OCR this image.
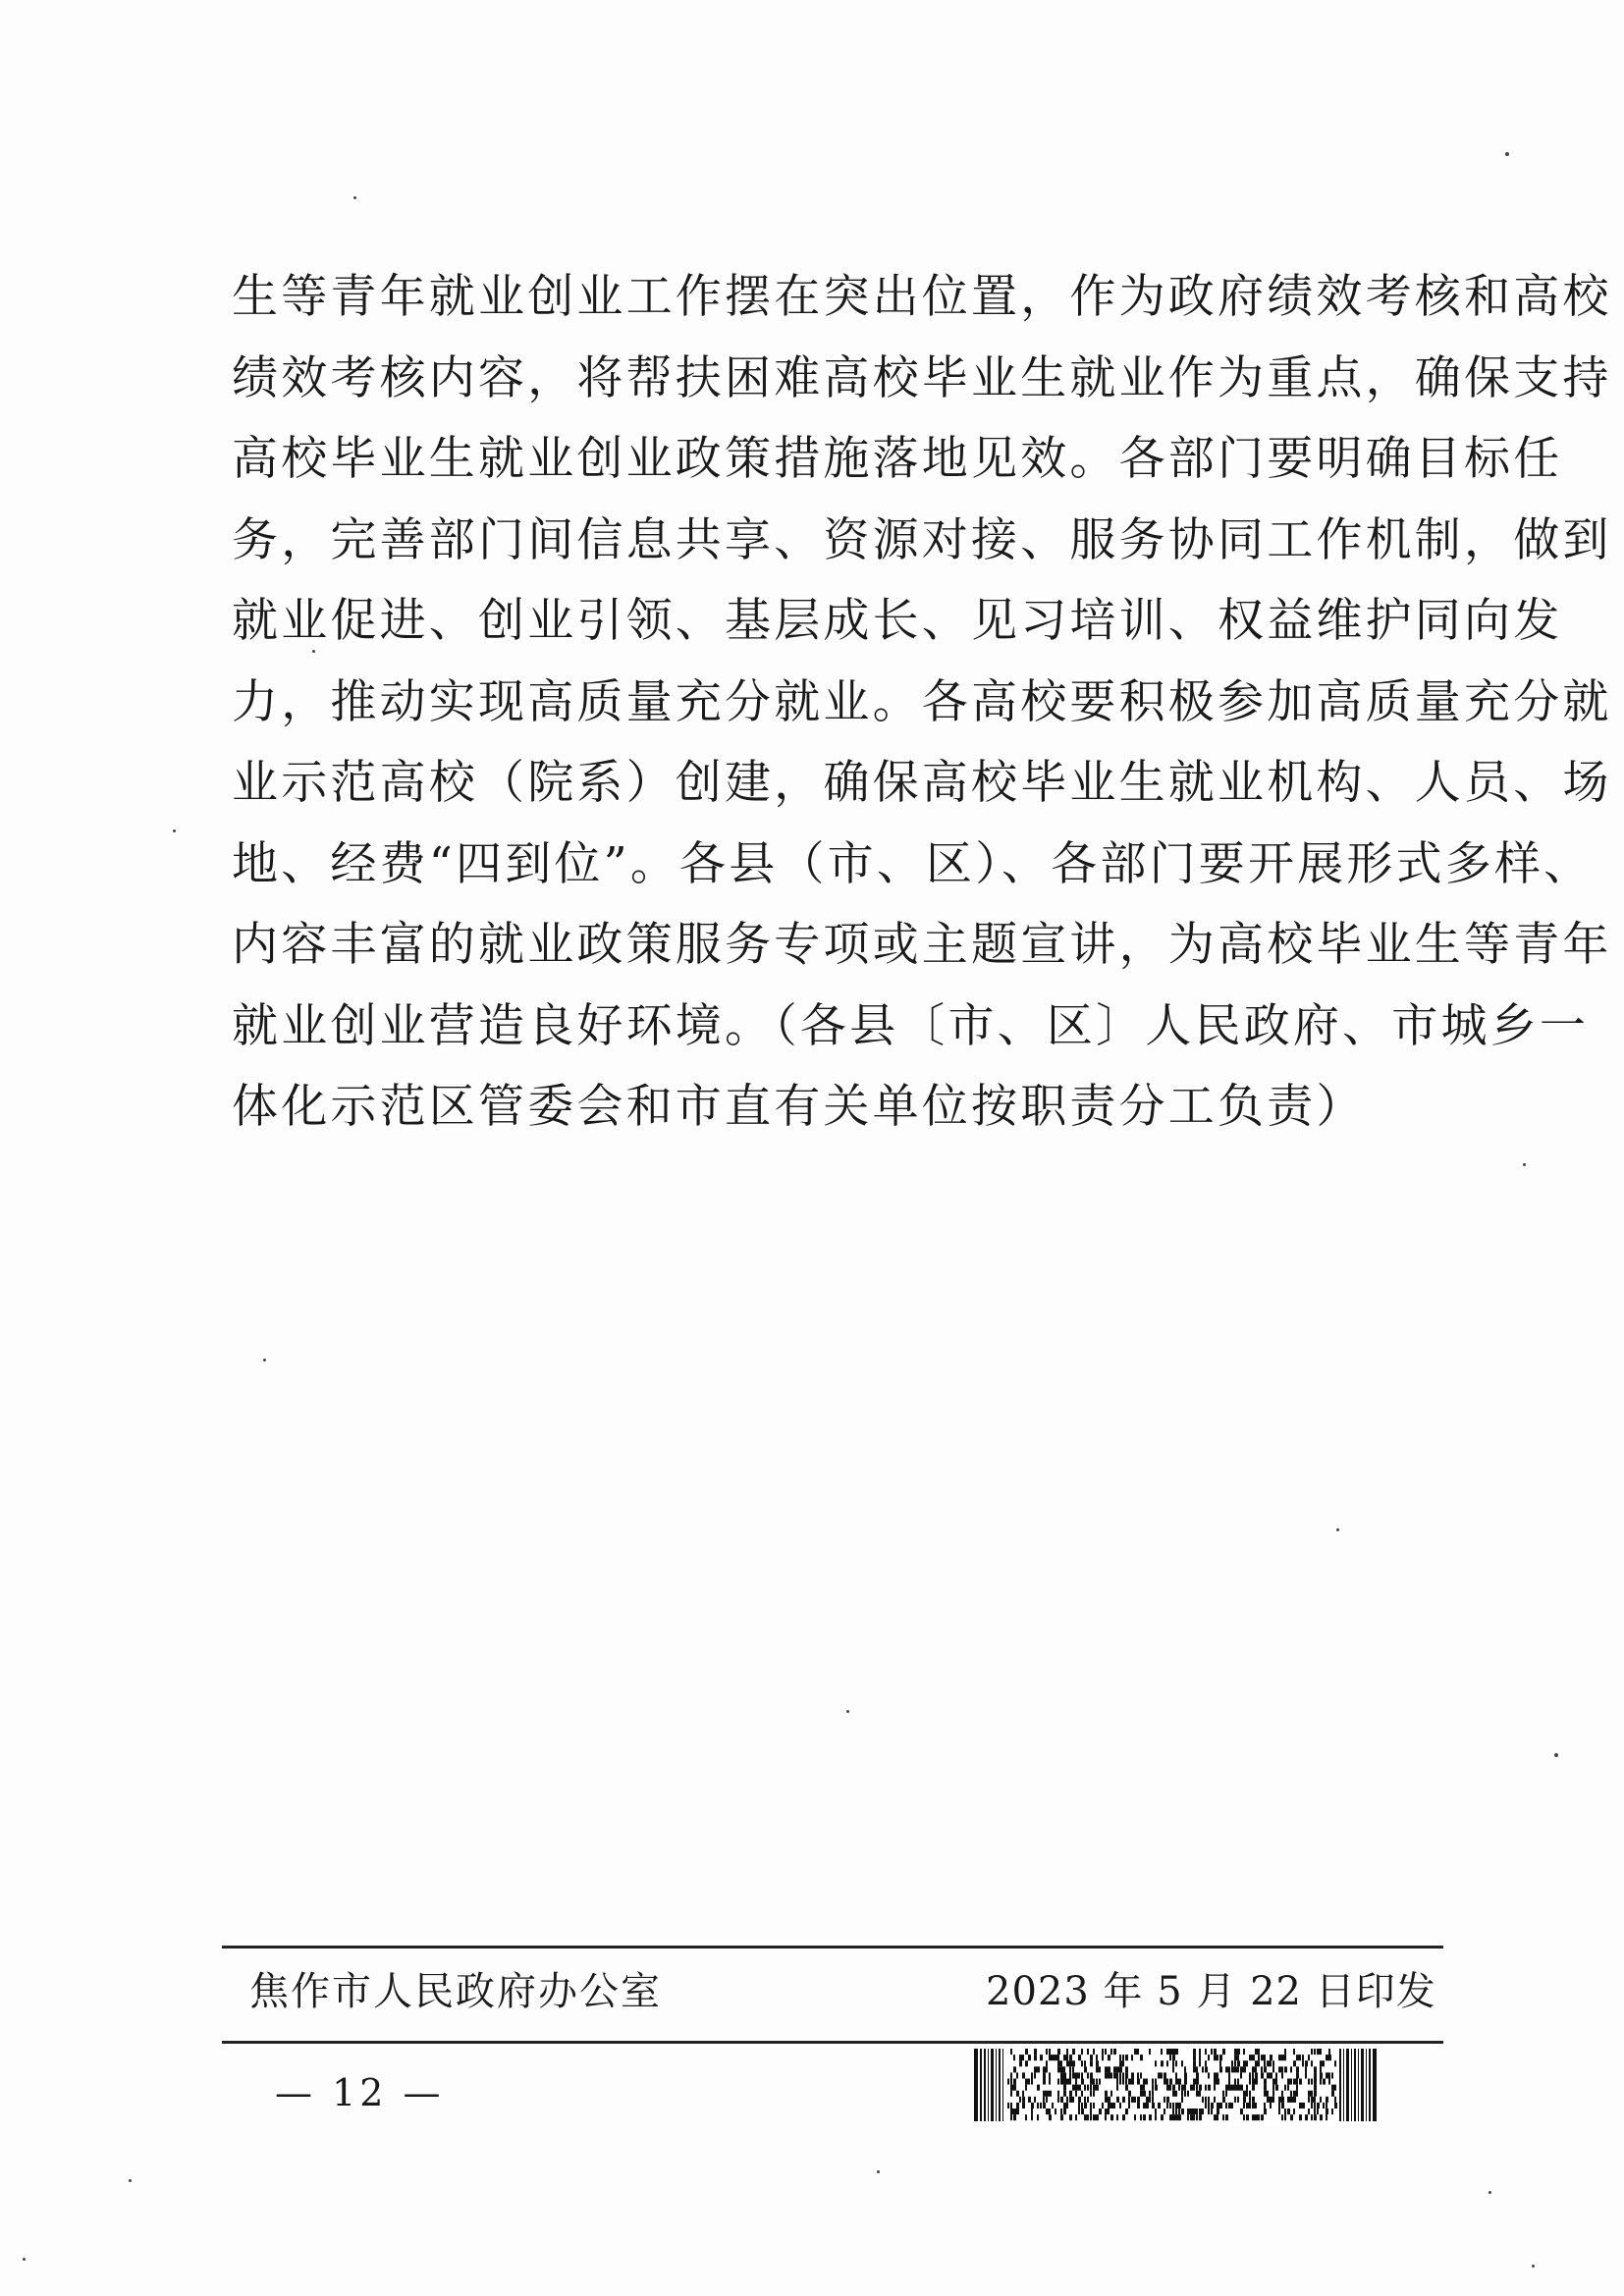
生等青年就业创业工作摆在突出位置，作为政府绩效考核和高校
绩效考核内容，将帮扶困难高校毕业生就业作为重点，确保支持
高校毕业生就业创业政策措施落地见效。各部门要明确目标任
务，完善部门间信息共享、资源对接、服务协同工作机制，做到
就业促进、创业引领、基层成长、见习培训、权益维护同向发
力，推动实现高质量充分就业。各高校要积极参加高质量充分就
业示范高校（院系）创建，确保高校毕业生就业机构、人员、场
地、经费“四到位”。各县（市、区）、各部门要开展形式多样、
内容丰富的就业政策服务专项或主题宣讲，为高校毕业生等青年
就业创业营造良好环境。（各县〔市、区〕人民政府、市城乡一
体化示范区管委会和市直有关单位按职责分工负责）
焦作市人民政府办公室	2023 年 5 月 22 日印发
— 12 —
